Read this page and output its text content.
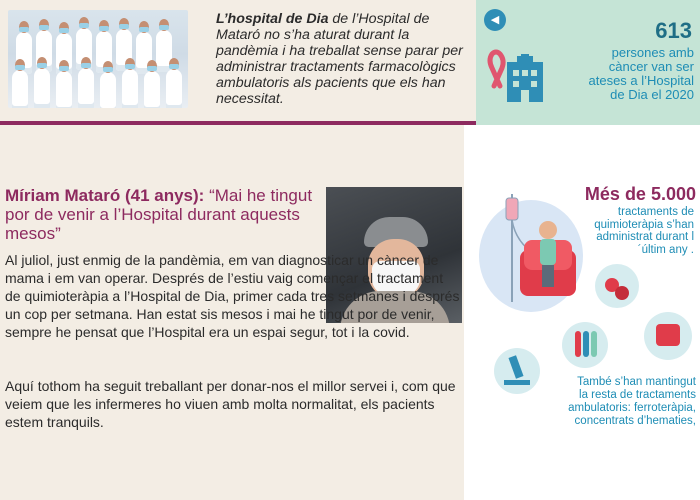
L’hospital de Dia de l’Hospital de Mataró no s’ha aturat durant la pandèmia i ha treballat sense parar per administrar tractaments farmacològics ambulatoris als pacients que els han necessitat.
◀	613
persones amb càncer van ser ateses a l’Hospital de Dia el 2020
Més de 5.000
tractaments de quimioteràpia s’han administrat durant l´últim any .
També s’han mantingut la resta de tractaments ambulatoris: ferroteràpia, concentrats d’hematies,
Míriam Mataró (41 anys): “Mai he tingut por de venir a l’Hospital durant aquests mesos”

Al juliol, just enmig de la pandèmia, em van diagnosticar un càncer de mama i em van operar. Després de l’estiu vaig començar el tractament de quimioteràpia a l’Hospital de Dia, primer cada tres setmanes i després un cop per setmana. Han estat sis mesos i mai he tingut por de venir, sempre he pensat que l’Hospital era un espai segur, tot i la covid.

Aquí tothom ha seguit treballant per donar-nos el millor servei i, com que veiem que les infermeres ho viuen amb molta normalitat, els pacients estem tranquils.
